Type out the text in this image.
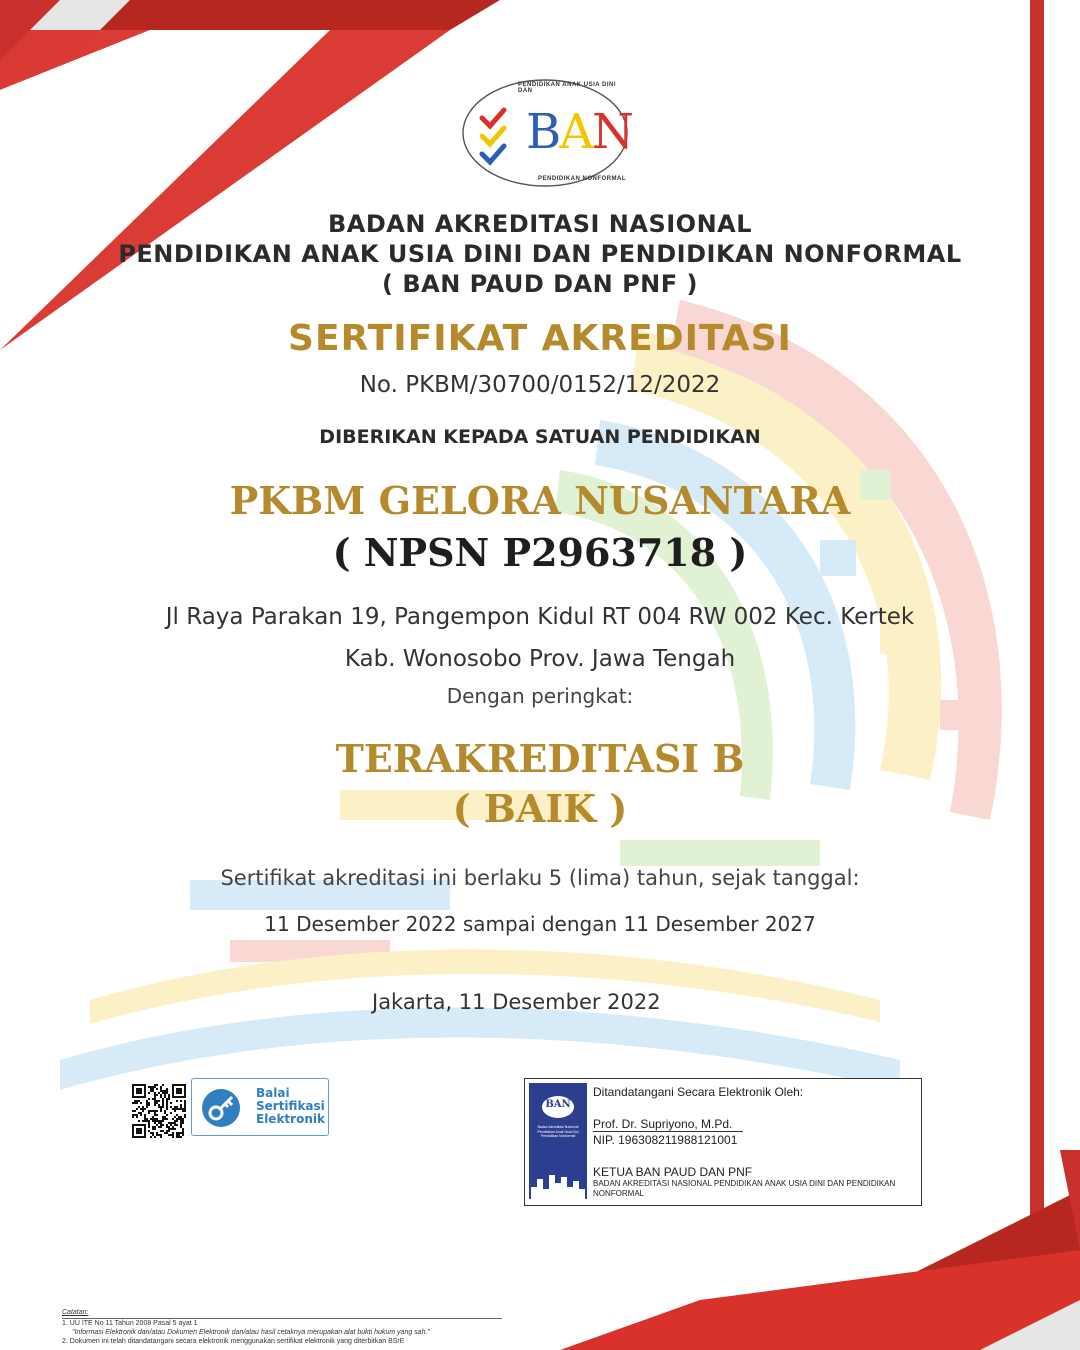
BAN
PENDIDIKAN ANAK USIA DINI DAN
PENDIDIKAN NONFORMAL
BADAN AKREDITASI NASIONAL
PENDIDIKAN ANAK USIA DINI DAN PENDIDIKAN NONFORMAL
( BAN PAUD DAN PNF )
SERTIFIKAT AKREDITASI
No. PKBM/30700/0152/12/2022
DIBERIKAN KEPADA SATUAN PENDIDIKAN
PKBM GELORA NUSANTARA
( NPSN P2963718 )
Jl Raya Parakan 19, Pangempon Kidul RT 004 RW 002 Kec. Kertek
Kab. Wonosobo Prov. Jawa Tengah
Dengan peringkat:
TERAKREDITASI B
( BAIK )
Sertifikat akreditasi ini berlaku 5 (lima) tahun, sejak tanggal:
11 Desember 2022 sampai dengan 11 Desember 2027
Jakarta, 11 Desember 2022
Balai
Sertifikasi
Elektronik
BAN
Badan Akreditasi Nasional Pendidikan Anak Usia Dini Pendidikan Nonformal
Ditandatangani Secara Elektronik Oleh:
Prof. Dr. Supriyono, M.Pd.
NIP. 196308211988121001
KETUA BAN PAUD DAN PNF
BADAN AKREDITASI NASIONAL PENDIDIKAN ANAK USIA DINI DAN PENDIDIKAN NONFORMAL
Catatan:
1. UU ITE No 11 Tahun 2008 Pasal 5 ayat 1
"Informasi Elektronik dan/atau Dokumen Elektronik dan/atau hasil cetaknya merupakan alat bukti hukum yang sah."
2. Dokumen ini telah ditandatangani secara elektronik menggunakan sertifikat elektronik yang diterbitkan BSrE
